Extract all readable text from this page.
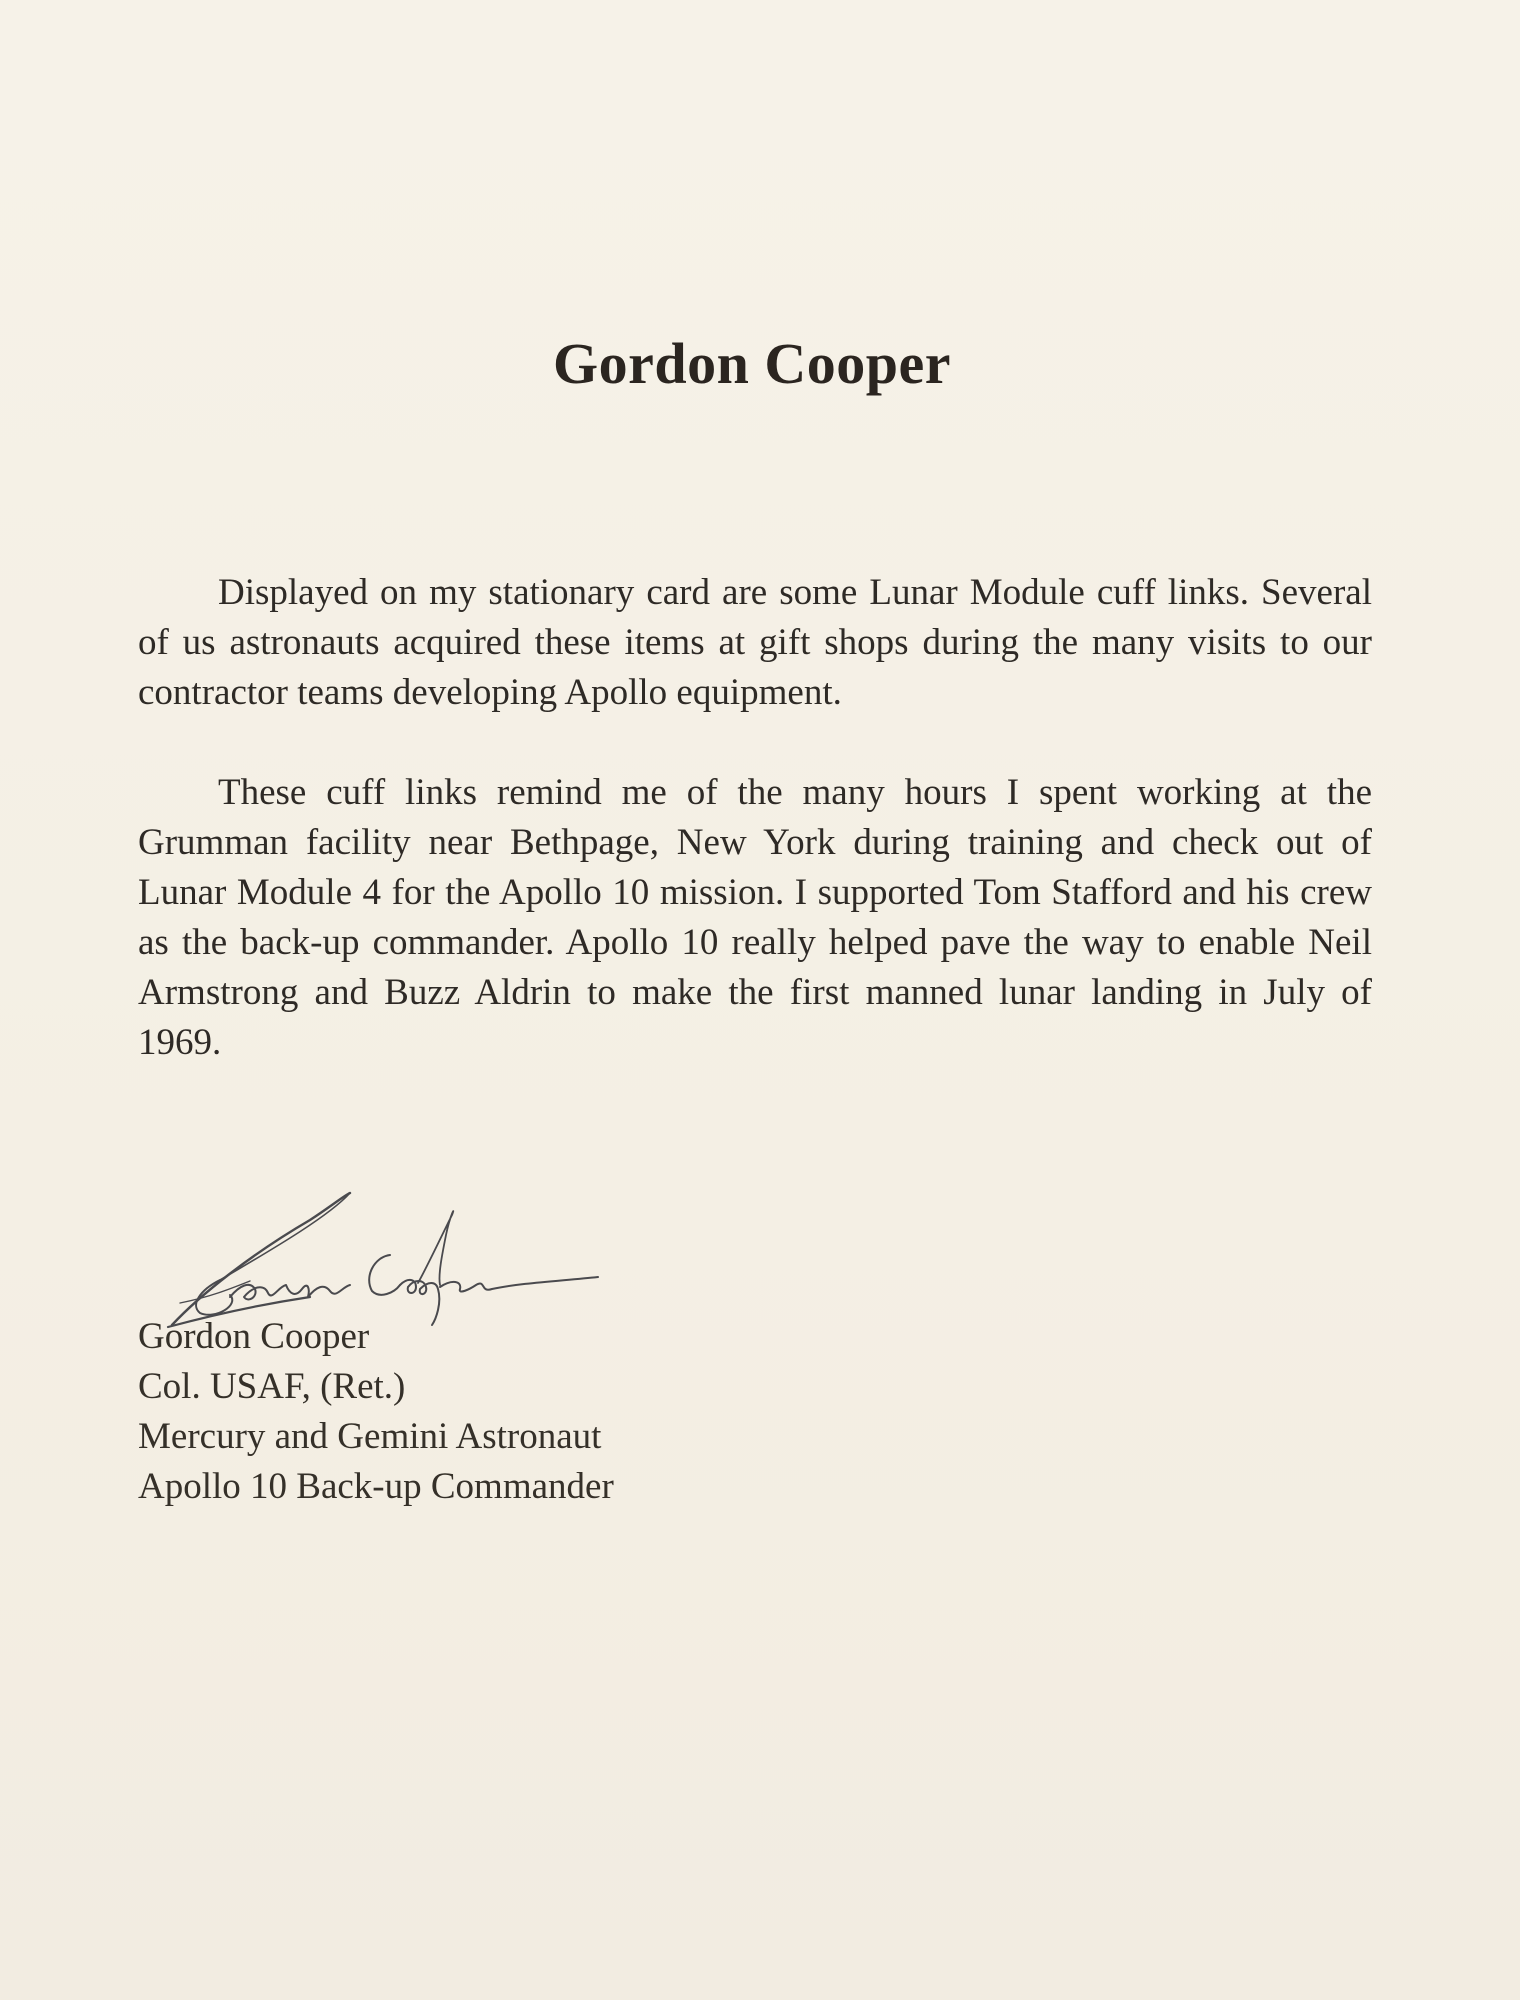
Gordon Cooper

Displayed on my stationary card are some Lunar Module cuff links. Several of us astronauts acquired these items at gift shops during the many visits to our contractor teams developing Apollo equipment.

These cuff links remind me of the many hours I spent working at the Grumman facility near Bethpage, New York during training and check out of Lunar Module 4 for the Apollo 10 mission. I supported Tom Stafford and his crew as the back-up commander. Apollo 10 really helped pave the way to enable Neil Armstrong and Buzz Aldrin to make the first manned lunar landing in July of 1969.

Gordon Cooper
Col. USAF, (Ret.)
Mercury and Gemini Astronaut
Apollo 10 Back-up Commander
